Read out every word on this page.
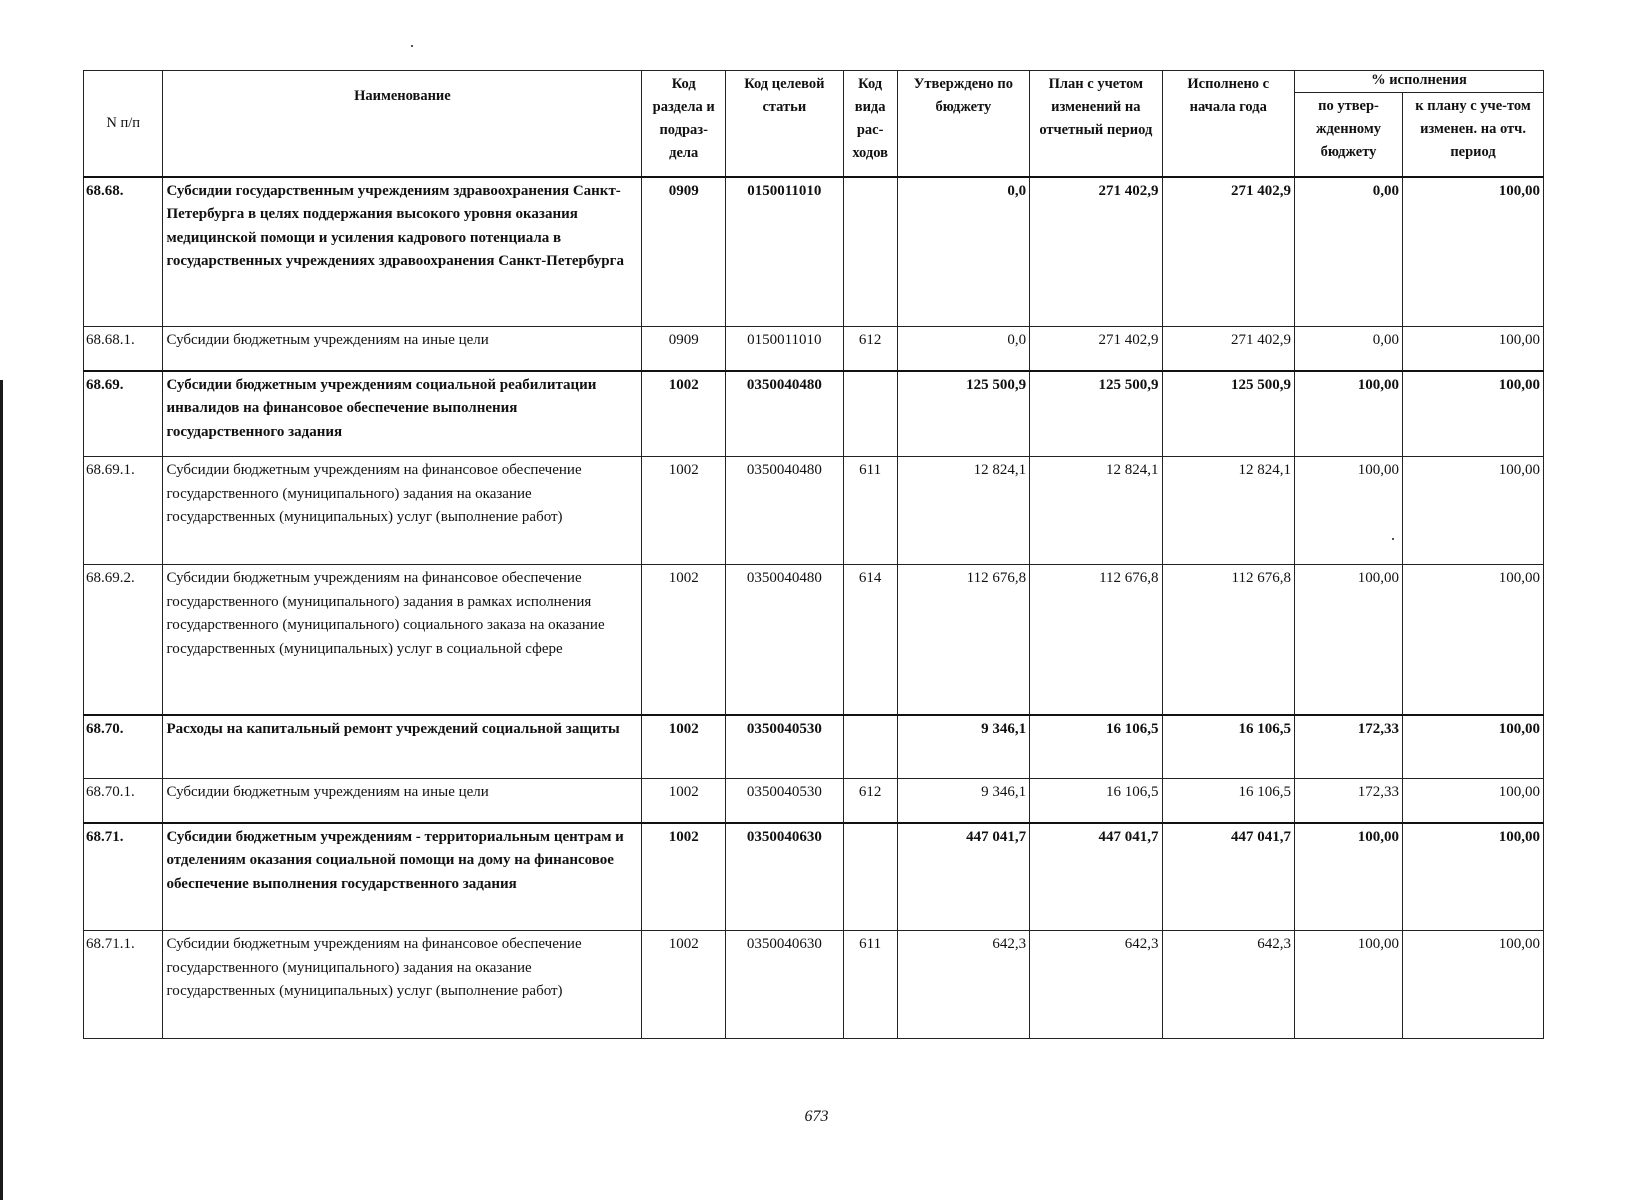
N п/п	Наименование	Код раздела и подраз-дела	Код целевой статьи	Код вида рас-ходов	Утверждено по бюджету	План с учетом изменений на отчетный период	Исполнено с начала года	% исполнения	
								по утвер-жденному бюджету	к плану с уче-том изменен. на отч. период
68.68.	Субсидии государственным учреждениям здравоохранения Санкт-Петербурга в целях поддержания высокого уровня оказания медицинской помощи и усиления кадрового потенциала в государственных учреждениях здравоохранения Санкт-Петербурга	0909	0150011010		0,0	271 402,9	271 402,9	0,00	100,00
68.68.1.	Субсидии бюджетным учреждениям на иные цели	0909	0150011010	612	0,0	271 402,9	271 402,9	0,00	100,00
68.69.	Субсидии бюджетным учреждениям социальной реабилитации инвалидов на финансовое обеспечение выполнения государственного задания	1002	0350040480		125 500,9	125 500,9	125 500,9	100,00	100,00
68.69.1.	Субсидии бюджетным учреждениям на финансовое обеспечение государственного (муниципального) задания на оказание государственных (муниципальных) услуг (выполнение работ)	1002	0350040480	611	12 824,1	12 824,1	12 824,1	100,00	100,00
68.69.2.	Субсидии бюджетным учреждениям на финансовое обеспечение государственного (муниципального) задания в рамках исполнения государственного (муниципального) социального заказа на оказание государственных (муниципальных) услуг в социальной сфере	1002	0350040480	614	112 676,8	112 676,8	112 676,8	100,00	100,00
68.70.	Расходы на капитальный ремонт учреждений социальной защиты	1002	0350040530		9 346,1	16 106,5	16 106,5	172,33	100,00
68.70.1.	Субсидии бюджетным учреждениям на иные цели	1002	0350040530	612	9 346,1	16 106,5	16 106,5	172,33	100,00
68.71.	Субсидии бюджетным учреждениям - территориальным центрам и отделениям оказания социальной помощи на дому на финансовое обеспечение выполнения государственного задания	1002	0350040630		447 041,7	447 041,7	447 041,7	100,00	100,00
68.71.1.	Субсидии бюджетным учреждениям на финансовое обеспечение государственного (муниципального) задания на оказание государственных (муниципальных) услуг (выполнение работ)	1002	0350040630	611	642,3	642,3	642,3	100,00	100,00
673
